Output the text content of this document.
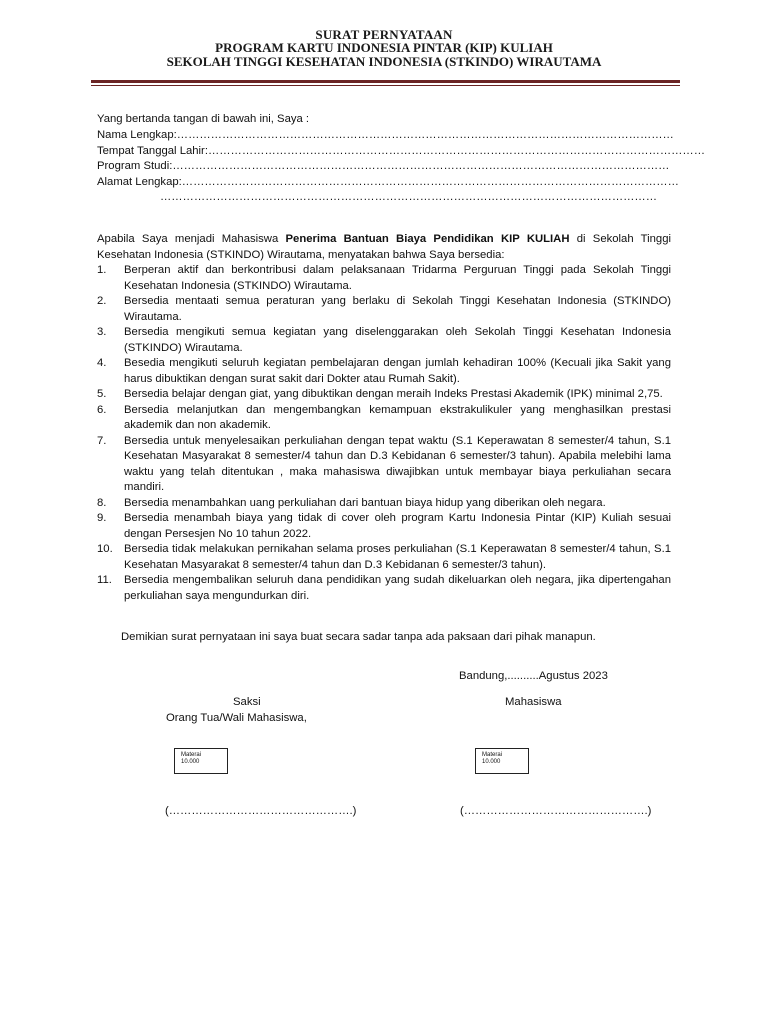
SURAT PERNYATAAN
PROGRAM KARTU INDONESIA PINTAR (KIP) KULIAH
SEKOLAH TINGGI KESEHATAN INDONESIA (STKINDO) WIRAUTAMA
Yang bertanda tangan di bawah ini, Saya :
Nama Lengkap : ……………………………………………………………………………………………………………………
Tempat Tanggal Lahir : ……………………………………………………………………………………………………………………
Program Studi : ……………………………………………………………………………………………………………………
Alamat Lengkap : ……………………………………………………………………………………………………………………
……………………………………………………………………………………………………………………
Apabila Saya menjadi Mahasiswa Penerima Bantuan Biaya Pendidikan KIP KULIAH di Sekolah Tinggi Kesehatan Indonesia (STKINDO) Wirautama, menyatakan bahwa Saya bersedia:
1.	Berperan aktif dan berkontribusi dalam pelaksanaan Tridarma Perguruan Tinggi pada Sekolah Tinggi Kesehatan Indonesia (STKINDO) Wirautama.
2.	Bersedia mentaati semua peraturan yang berlaku di Sekolah Tinggi Kesehatan Indonesia (STKINDO) Wirautama.
3.	Bersedia mengikuti semua kegiatan yang diselenggarakan oleh Sekolah Tinggi Kesehatan Indonesia (STKINDO) Wirautama.
4.	Besedia mengikuti seluruh kegiatan pembelajaran dengan jumlah kehadiran 100% (Kecuali jika Sakit yang harus dibuktikan dengan surat sakit dari Dokter atau Rumah Sakit).
5.	Bersedia belajar dengan giat, yang dibuktikan dengan meraih Indeks Prestasi Akademik (IPK) minimal 2,75.
6.	Bersedia melanjutkan dan mengembangkan kemampuan ekstrakulikuler yang menghasilkan prestasi akademik dan non akademik.
7.	Bersedia untuk menyelesaikan perkuliahan dengan tepat waktu (S.1 Keperawatan 8 semester/4 tahun, S.1 Kesehatan Masyarakat 8 semester/4 tahun dan D.3 Kebidanan 6 semester/3 tahun). Apabila melebihi lama waktu yang telah ditentukan , maka mahasiswa diwajibkan untuk membayar biaya perkuliahan secara mandiri.
8.	Bersedia menambahkan uang perkuliahan dari bantuan biaya hidup yang diberikan oleh negara.
9.	Bersedia menambah biaya yang tidak di cover oleh program Kartu Indonesia Pintar (KIP) Kuliah sesuai dengan Persesjen No 10 tahun 2022.
10. Bersedia tidak melakukan pernikahan selama proses perkuliahan (S.1 Keperawatan 8 semester/4 tahun, S.1 Kesehatan Masyarakat 8 semester/4 tahun dan D.3 Kebidanan 6 semester/3 tahun).
11.	Bersedia mengembalikan seluruh dana pendidikan yang sudah dikeluarkan oleh negara, jika dipertengahan perkuliahan saya mengundurkan diri.
Demikian surat pernyataan ini saya buat secara sadar tanpa ada paksaan dari pihak manapun.
Bandung,..........Agustus 2023
Saksi	Mahasiswa
Orang Tua/Wali Mahasiswa,
Materai
10.000
Materai
10.000
(………………………………………….)	(………………………………………….)
